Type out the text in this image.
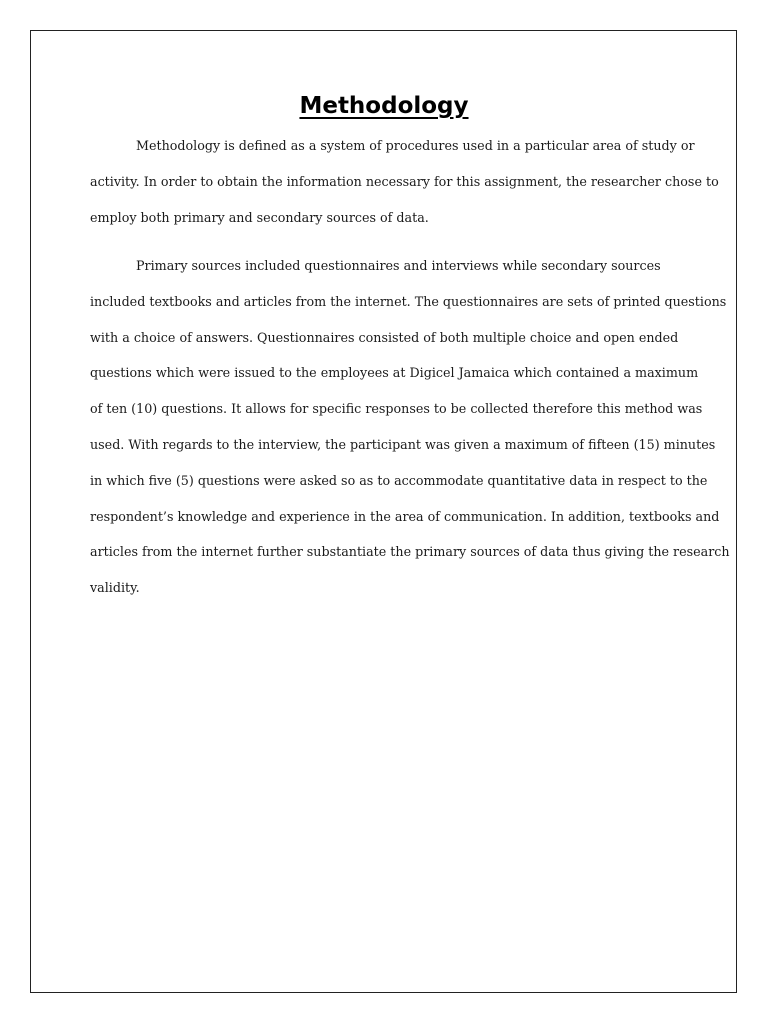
Methodology

Methodology is defined as a system of procedures used in a particular area of study or
activity. In order to obtain the information necessary for this assignment, the researcher chose to
employ both primary and secondary sources of data.

Primary sources included questionnaires and interviews while secondary sources
included textbooks and articles from the internet. The questionnaires are sets of printed questions
with a choice of answers. Questionnaires consisted of both multiple choice and open ended
questions which were issued to the employees at Digicel Jamaica which contained a maximum
of ten (10) questions. It allows for specific responses to be collected therefore this method was
used. With regards to the interview, the participant was given a maximum of fifteen (15) minutes
in which five (5) questions were asked so as to accommodate quantitative data in respect to the
respondent’s knowledge and experience in the area of communication. In addition, textbooks and
articles from the internet further substantiate the primary sources of data thus giving the research
validity.
